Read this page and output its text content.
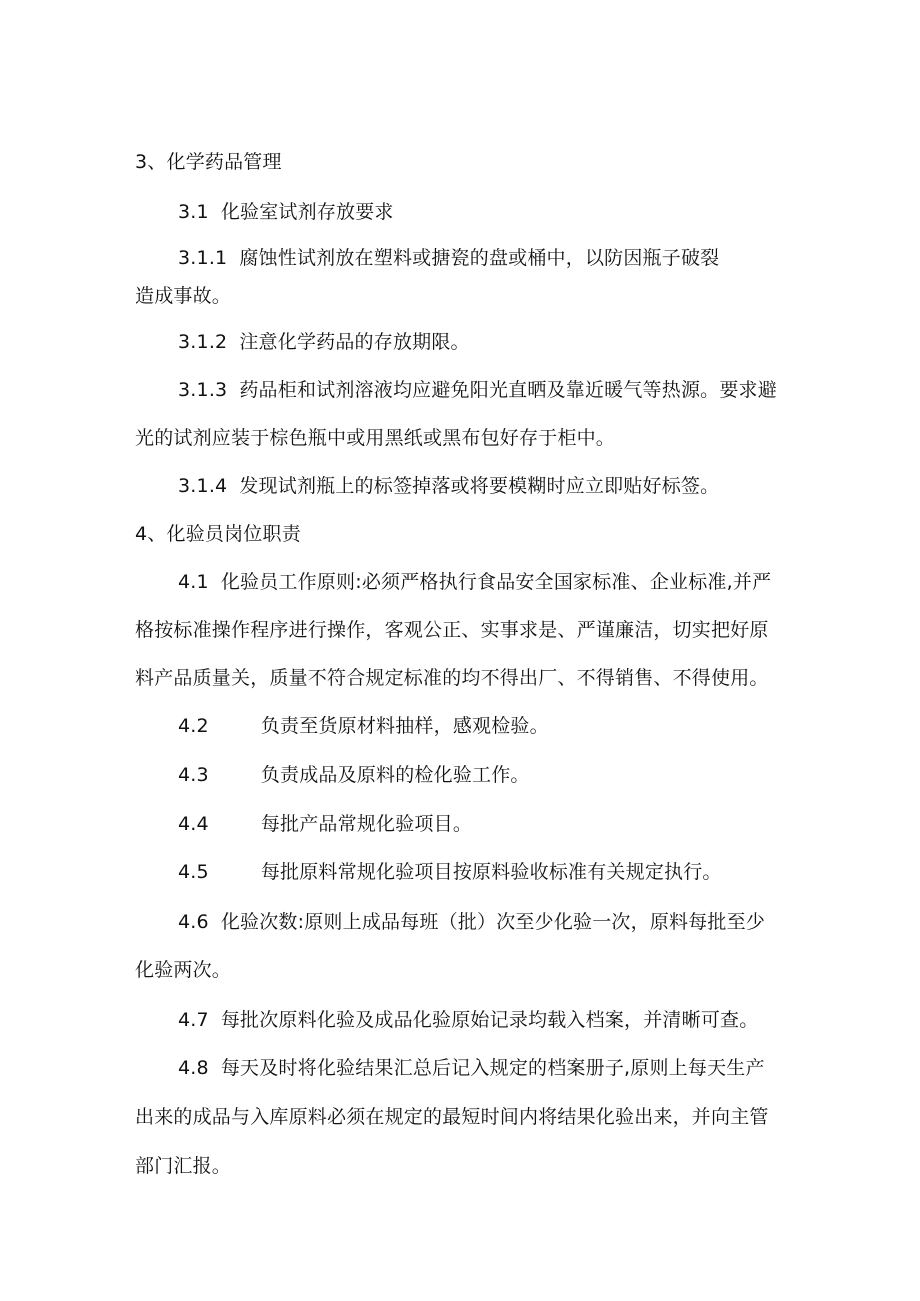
3、化学药品管理
3.1 化验室试剂存放要求
3.1.1 腐蚀性试剂放在塑料或搪瓷的盘或桶中，以防因瓶子破裂
造成事故。
3.1.2 注意化学药品的存放期限。
3.1.3 药品柜和试剂溶液均应避免阳光直晒及靠近暖气等热源。要求避
光的试剂应装于棕色瓶中或用黑纸或黑布包好存于柜中。
3.1.4 发现试剂瓶上的标签掉落或将要模糊时应立即贴好标签。
4、化验员岗位职责
4.1 化验员工作原则:必须严格执行食品安全国家标准、企业标准,并严
格按标准操作程序进行操作，客观公正、实事求是、严谨廉洁，切实把好原
料产品质量关，质量不符合规定标准的均不得出厂、不得销售、不得使用。
4.2	负责至货原材料抽样，感观检验。
4.3	负责成品及原料的检化验工作。
4.4	每批产品常规化验项目。
4.5	每批原料常规化验项目按原料验收标准有关规定执行。
4.6 化验次数:原则上成品每班（批）次至少化验一次，原料每批至少
化验两次。
4.7 每批次原料化验及成品化验原始记录均载入档案，并清晰可查。
4.8 每天及时将化验结果汇总后记入规定的档案册子,原则上每天生产
出来的成品与入库原料必须在规定的最短时间内将结果化验出来，并向主管
部门汇报。
